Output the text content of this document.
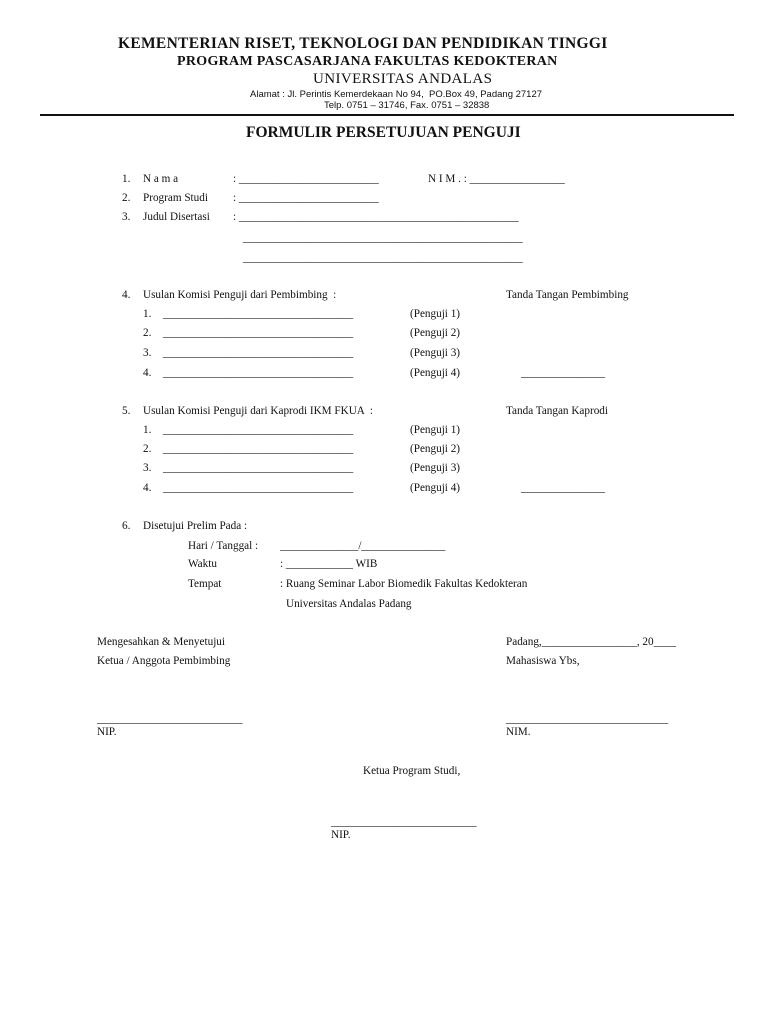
KEMENTERIAN RISET, TEKNOLOGI DAN PENDIDIKAN TINGGI
PROGRAM PASCASARJANA FAKULTAS KEDOKTERAN
UNIVERSITAS ANDALAS
Alamat : Jl. Perintis Kemerdekaan No 94,  PO.Box 49, Padang 27127
Telp. 0751 – 31746, Fax. 0751 – 32838
FORMULIR PERSETUJUAN PENGUJI
1. N a m a	: _________________________	N I M . : _________________
2. Program Studi : _________________________
3. Judul Disertasi : __________________________________________________
__________________________________________________
__________________________________________________
4. Usulan Komisi Penguji dari Pembimbing  :	Tanda Tangan Pembimbing
1. __________________________________	(Penguji 1)
2. __________________________________	(Penguji 2)
3. __________________________________	(Penguji 3)
4. __________________________________	(Penguji 4)	_______________
5. Usulan Komisi Penguji dari Kaprodi IKM FKUA  :	Tanda Tangan Kaprodi
1. __________________________________	(Penguji 1)
2. __________________________________	(Penguji 2)
3. __________________________________	(Penguji 3)
4. __________________________________	(Penguji 4)	_______________
6. Disetujui Prelim Pada :
Hari / Tanggal : ______________/_______________
Waktu	: ____________ WIB
Tempat	: Ruang Seminar Labor Biomedik Fakultas Kedokteran
Universitas Andalas Padang
Mengesahkan & Menyetujui
Ketua / Anggota Pembimbing
Padang,_________________, 20____
Mahasiswa Ybs,
__________________________
NIP.
_____________________________
NIM.
Ketua Program Studi,
__________________________
NIP.
